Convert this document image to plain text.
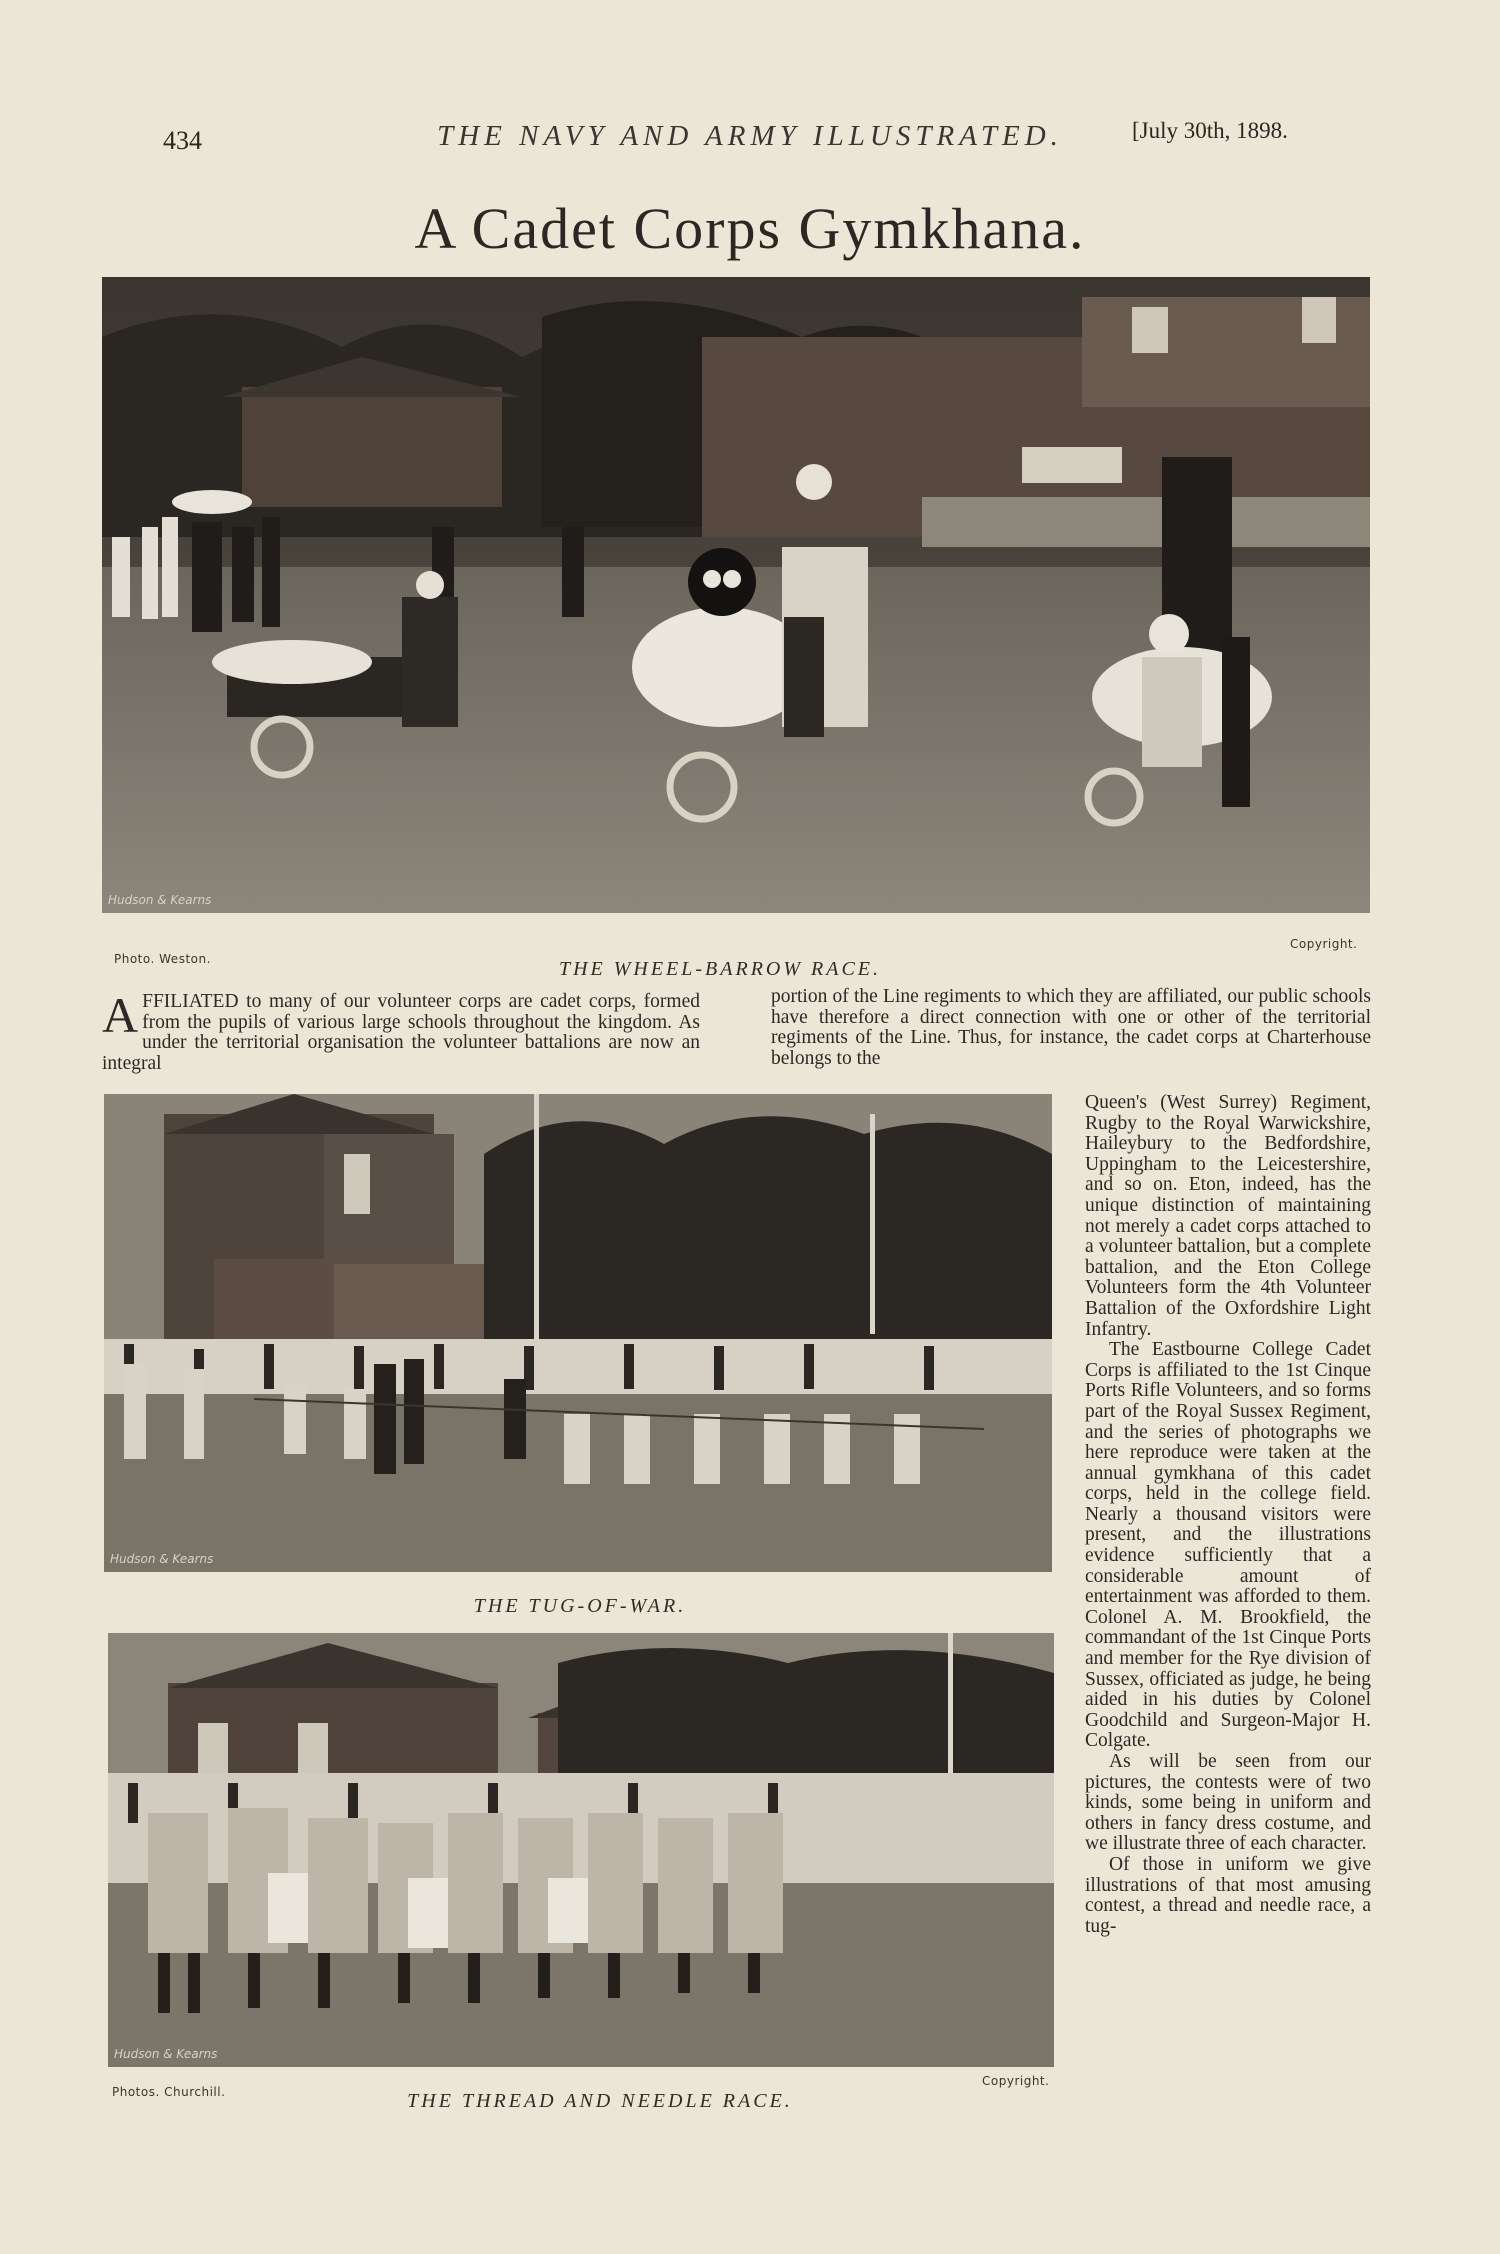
434	THE NAVY AND ARMY ILLUSTRATED.	[July 30th, 1898.
A Cadet Corps Gymkhana.
Hudson & Kearns
Photo. Weston.
Copyright.
THE WHEEL-BARROW RACE.

AFFILIATED to many of our volunteer corps are cadet corps, formed from the pupils of various large schools throughout the kingdom. As under the territorial organisation the volunteer battalions are now an integral

portion of the Line regiments to which they are affiliated, our public schools have therefore a direct connection with one or other of the territorial regiments of the Line. Thus, for instance, the cadet corps at Charterhouse belongs to the

Hudson & Kearns
THE TUG-OF-WAR.
Hudson & Kearns
Photos. Churchill.
Copyright.
THE THREAD AND NEEDLE RACE.

Queen's (West Surrey) Regiment, Rugby to the Royal Warwickshire, Haileybury to the Bedfordshire, Uppingham to the Leicestershire, and so on. Eton, indeed, has the unique distinction of maintaining not merely a cadet corps attached to a volunteer battalion, but a complete battalion, and the Eton College Volunteers form the 4th Volunteer Battalion of the Oxfordshire Light Infantry.

The Eastbourne College Cadet Corps is affiliated to the 1st Cinque Ports Rifle Volunteers, and so forms part of the Royal Sussex Regiment, and the series of photographs we here reproduce were taken at the annual gymkhana of this cadet corps, held in the college field. Nearly a thousand visitors were present, and the illustrations evidence sufficiently that a considerable amount of entertainment was afforded to them. Colonel A. M. Brookfield, the commandant of the 1st Cinque Ports and member for the Rye division of Sussex, officiated as judge, he being aided in his duties by Colonel Goodchild and Surgeon-Major H. Colgate.

As will be seen from our pictures, the contests were of two kinds, some being in uniform and others in fancy dress costume, and we illustrate three of each character.

Of those in uniform we give illustrations of that most amusing contest, a thread and needle race, a tug-
